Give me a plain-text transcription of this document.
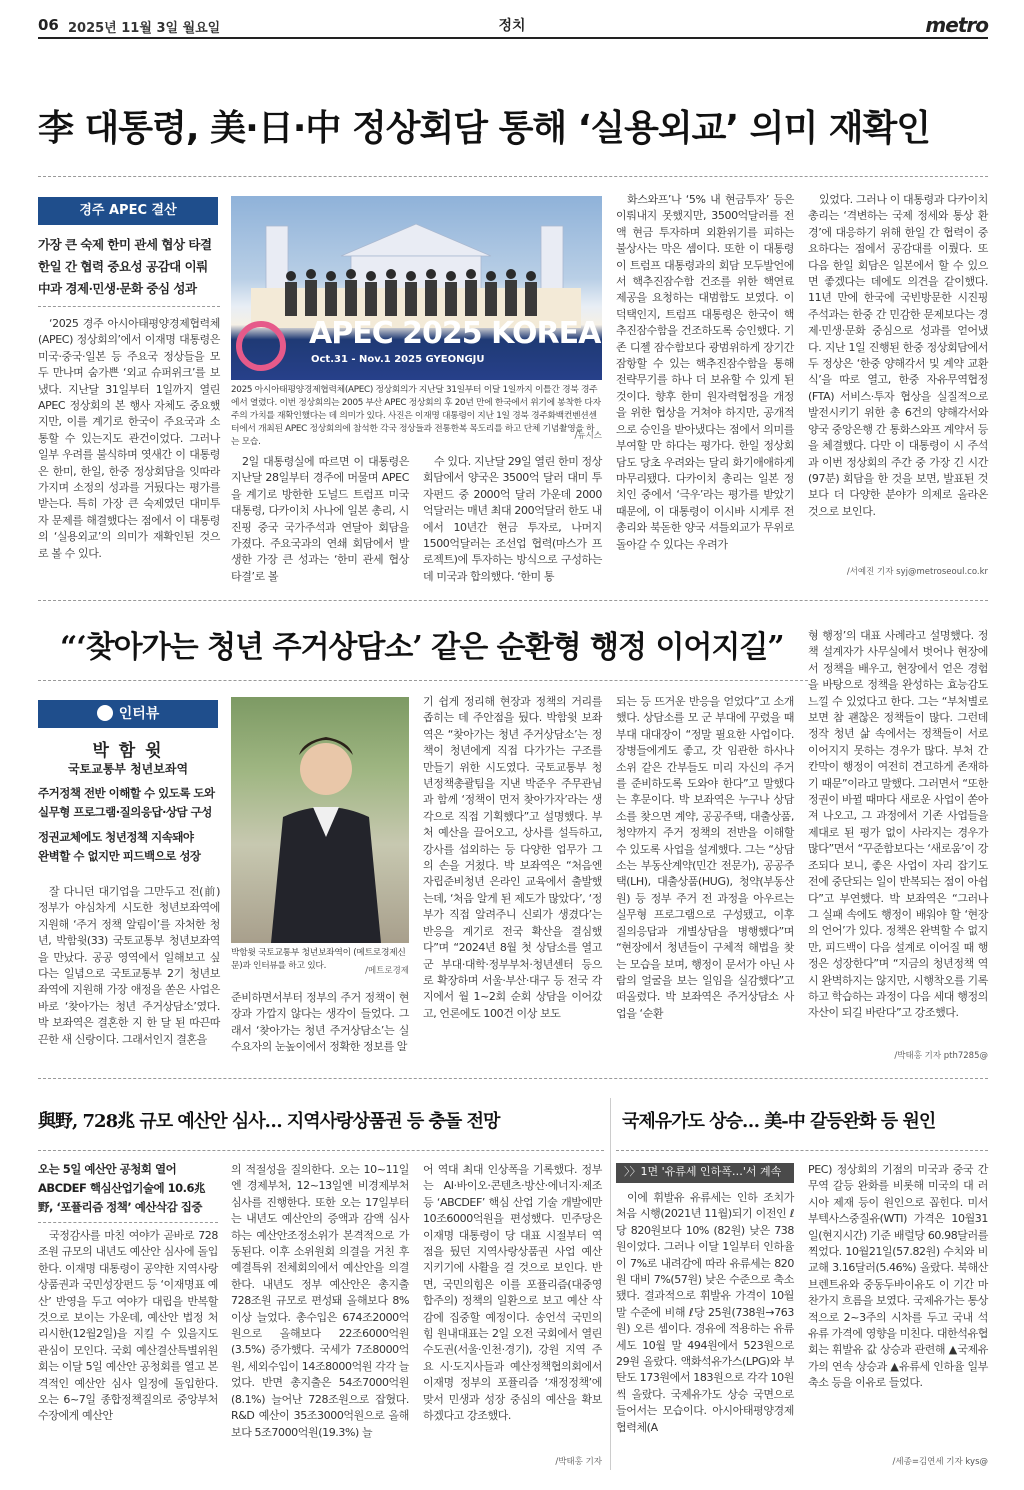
06 2025년 11월 3일 월요일	정치	metro
李 대통령, 美·日·中 정상회담 통해 ‘실용외교’ 의미 재확인
경주 APEC 결산
가장 큰 숙제 한미 관세 협상 타결
한일 간 협력 중요성 공감대 이뤄
中과 경제·민생·문화 중심 성과

‘2025 경주 아시아태평양경제협력체(APEC) 정상회의’에서 이재명 대통령은 미국·중국·일본 등 주요국 정상들을 모두 만나며 숨가쁜 ‘외교 슈퍼위크’를 보냈다. 지난달 31일부터 1일까지 열린 APEC 정상회의 본 행사 자체도 중요했지만, 이를 계기로 한국이 주요국과 소통할 수 있는지도 관건이었다. 그러나 일부 우려를 불식하며 엿새간 이 대통령은 한미, 한일, 한중 정상회담을 잇따라 가지며 소정의 성과를 거뒀다는 평가를 받는다. 특히 가장 큰 숙제였던 대미투자 문제를 해결했다는 점에서 이 대통령의 ‘실용외교’의 의미가 재확인된 것으로 볼 수 있다.

APEC 2025 KOREA
Oct.31 - Nov.1 2025 GYEONGJU
2025 아시아태평양경제협력체(APEC) 정상회의가 지난달 31일부터 이달 1일까지 이틀간 경북 경주에서 열렸다. 이번 정상회의는 2005 부산 APEC 정상회의 후 20년 만에 한국에서 위기에 봉착한 다자주의 가치를 재확인했다는 데 의미가 있다. 사진은 이재명 대통령이 지난 1일 경북 경주화백컨벤션센터에서 개최된 APEC 정상회의에 참석한 각국 정상들과 전통한복 목도리를 하고 단체 기념촬영을 하는 모습.
/뉴시스

2일 대통령실에 따르면 이 대통령은 지난달 28일부터 경주에 머물며 APEC을 계기로 방한한 도널드 트럼프 미국 대통령, 다카이치 사나에 일본 총리, 시진핑 중국 국가주석과 연달아 회담을 가졌다. 주요국과의 연쇄 회담에서 발생한 가장 큰 성과는 ‘한미 관세 협상 타결’로 볼

수 있다. 지난달 29일 열린 한미 정상회담에서 양국은 3500억 달러 대미 투자펀드 중 2000억 달러 가운데 2000억달러는 매년 최대 200억달러 한도 내에서 10년간 현금 투자로, 나머지 1500억달러는 조선업 협력(마스가 프로젝트)에 투자하는 방식으로 구성하는 데 미국과 합의했다. ‘한미 통

화스와프’나 ‘5% 내 현금투자’ 등은 이뤄내지 못했지만, 3500억달러를 전액 현금 투자하며 외환위기를 피하는 불상사는 막은 셈이다. 또한 이 대통령이 트럼프 대통령과의 회담 모두발언에서 핵추진잠수함 건조를 위한 핵연료 제공을 요청하는 대범함도 보였다. 이 덕택인지, 트럼프 대통령은 한국이 핵추진잠수함을 건조하도록 승인했다. 기존 디젤 잠수함보다 광범위하게 장기간 잠항할 수 있는 핵추진잠수함을 통해 전략무기를 하나 더 보유할 수 있게 된 것이다. 향후 한미 원자력협정을 개정을 위한 협상을 거쳐야 하지만, 공개적으로 승인을 받아냈다는 점에서 의미를 부여할 만 하다는 평가다. 한일 정상회담도 당초 우려와는 달리 화기애애하게 마무리됐다. 다카이치 총리는 일본 정치인 중에서 ‘극우’라는 평가를 받았기 때문에, 이 대통령이 이시바 시게루 전 총리와 북돋한 양국 셔틀외교가 무위로 돌아갈 수 있다는 우려가

있었다. 그러나 이 대통령과 다카이치 총리는 ‘격변하는 국제 정세와 통상 환경’에 대응하기 위해 한일 간 협력이 중요하다는 점에서 공감대를 이뤘다. 또 다음 한일 회담은 일본에서 할 수 있으면 좋겠다는 데에도 의견을 같이했다. 11년 만에 한국에 국빈방문한 시진핑 주석과는 한중 간 민감한 문제보다는 경제·민생·문화 중심으로 성과를 얻어냈다. 지난 1일 진행된 한중 정상회담에서 두 정상은 ‘한중 양해각서 및 계약 교환식’을 따로 열고, 한중 자유무역협정(FTA) 서비스·투자 협상을 실질적으로 발전시키기 위한 총 6건의 양해각서와 양국 중앙은행 간 통화스와프 계약서 등을 체결했다. 다만 이 대통령이 시 주석과 이번 정상회의 주간 중 가장 긴 시간(97분) 회담을 한 것을 보면, 발표된 것보다 더 다양한 분야가 의제로 올라온 것으로 보인다.

/서예진 기자 syj@metroseoul.co.kr
“‘찾아가는 청년 주거상담소’ 같은 순환형 행정 이어지길”
인터뷰
박 함 윗
국토교통부 청년보좌역
주거정책 전반 이해할 수 있도록 도와
실무형 프로그램·질의응답·상담 구성
정권교체에도 청년정책 지속돼야
완벽할 수 없지만 피드백으로 성장

잘 다니던 대기업을 그만두고 전(前) 정부가 야심차게 시도한 청년보좌역에 지원해 ‘주거 정책 알림이’를 자처한 청년, 박함윗(33) 국토교통부 청년보좌역을 만났다. 공공 영역에서 일해보고 싶다는 일념으로 국토교통부 2기 청년보좌역에 지원해 가장 애정을 쏟은 사업은 바로 ‘찾아가는 청년 주거상담소’였다. 박 보좌역은 결혼한 지 한 달 된 따끈따끈한 새 신랑이다. 그래서인지 결혼을

박함윗 국토교통부 청년보좌역이 (메트로경제신문)과 인터뷰를 하고 있다.	/메트로경제

준비하면서부터 정부의 주거 정책이 현장과 가깝지 않다는 생각이 들었다. 그래서 ‘찾아가는 청년 주거상담소’는 실수요자의 눈높이에서 정확한 정보를 알

기 쉽게 정리해 현장과 정책의 거리를 좁히는 데 주안점을 뒀다. 박함윗 보좌역은 “찾아가는 청년 주거상담소’는 정책이 청년에게 직접 다가가는 구조를 만들기 위한 시도였다. 국토교통부 청년정책총괄팀을 지낸 박준우 주무관님과 함께 ‘정책이 먼저 찾아가자’라는 생각으로 직접 기획했다”고 설명했다. 부처 예산을 끌어오고, 상사를 설득하고, 강사를 섭외하는 등 다양한 업무가 그의 손을 거쳤다. 박 보좌역은 “처음엔 자립준비청년 은라인 교육에서 출발했는데, ‘처음 알게 된 제도가 많았다’, ‘정부가 직접 알려주니 신뢰가 생겼다’는 반응을 계기로 전국 확산을 결심했다”며 “2024년 8월 첫 상담소를 열고 군 부대·대학·정부부처·청년센터 등으로 확장하며 서울·부산·대구 등 전국 각지에서 월 1~2회 순회 상담을 이어갔고, 언론에도 100건 이상 보도

되는 등 뜨거운 반응을 얻었다”고 소개했다. 상담소를 모 군 부대에 꾸렸을 때 부대 대대장이 “정말 필요한 사업이다. 장병들에게도 좋고, 갓 임관한 하사나 소위 같은 간부들도 미리 자신의 주거를 준비하도록 도와야 한다”고 말했다는 후문이다. 박 보좌역은 누구나 상담소를 찾으면 계약, 공공주택, 대출상품, 청약까지 주거 정책의 전반을 이해할 수 있도록 사업을 설계했다. 그는 “상담소는 부동산계약(민간 전문가), 공공주택(LH), 대출상품(HUG), 청약(부동산원) 등 정부 주거 전 과정을 아우르는 실무형 프로그램으로 구성됐고, 이후 질의응답과 개별상담을 병행했다”며 “현장에서 청년들이 구체적 해법을 찾는 모습을 보며, 행정이 문서가 아닌 사람의 얼굴을 보는 일임을 실감했다”고 떠올렸다. 박 보좌역은 주거상담소 사업을 ‘순환

형 행정’의 대표 사례라고 설명했다. 정책 설계자가 사무실에서 벗어나 현장에서 정책을 배우고, 현장에서 얻은 경험을 바탕으로 정책을 완성하는 효능감도 느낄 수 있었다고 한다. 그는 “부처별로 보면 참 괜찮은 정책들이 많다. 그런데 정작 청년 삶 속에서는 정책들이 서로 이어지지 못하는 경우가 많다. 부처 간 칸막이 행정이 여전히 견고하게 존재하기 때문”이라고 말했다. 그러면서 “또한 정권이 바뀔 때마다 새로운 사업이 쏟아져 나오고, 그 과정에서 기존 사업들을 제대로 된 평가 없이 사라지는 경우가 많다”면서 “꾸준함보다는 ‘새로움’이 강조되다 보니, 좋은 사업이 자리 잡기도 전에 중단되는 일이 반복되는 점이 아쉽다”고 부연했다. 박 보좌역은 “그러나 그 실패 속에도 행정이 배워야 할 ‘현장의 언어’가 있다. 정책은 완벽할 수 없지만, 피드백이 다음 설계로 이어질 때 행정은 성장한다”며 “지금의 청년정책 역시 완벽하지는 않지만, 시행착오를 기록하고 학습하는 과정이 다음 세대 행정의 자산이 되길 바란다”고 강조했다.

/박태홍 기자 pth7285@
與野, 728兆 규모 예산안 심사… 지역사랑상품권 등 충돌 전망
오는 5일 예산안 공청회 열어
ABCDEF 핵심산업기술에 10.6兆
野, ‘포퓰리즘 정책’ 예산삭감 집중

국정감사를 마친 여야가 곧바로 728조원 규모의 내년도 예산안 심사에 돌입한다. 이재명 대통령이 공약한 지역사랑상품권과 국민성장펀드 등 ‘이재명표 예산’ 반영을 두고 여야가 대립을 반복할 것으로 보이는 가운데, 예산안 법정 처리시한(12월2일)을 지킬 수 있을지도 관심이 모인다. 국회 예산결산특별위원회는 이달 5일 예산안 공청회를 열고 본격적인 예산안 심사 일정에 돌입한다. 오는 6~7일 종합정책질의로 중앙부처 수장에게 예산안

의 적절성을 질의한다. 오는 10~11일엔 경제부처, 12~13일엔 비경제부처 심사를 진행한다. 또한 오는 17일부터는 내년도 예산안의 증액과 감액 심사하는 예산안조정소위가 본격적으로 가동된다. 이후 소위원회 의결을 거친 후 예결특위 전체회의에서 예산안을 의결한다. 내년도 정부 예산안은 총지출 728조원 규모로 편성돼 올해보다 8% 이상 늘었다. 총수입은 674조2000억원으로 올해보다 22조6000억원(3.5%) 증가했다. 국세가 7조8000억원, 세외수입이 14조8000억원 각각 늘었다. 반면 총지출은 54조7000억원(8.1%) 늘어난 728조원으로 잡혔다. R&D 예산이 35조3000억원으로 올해보다 5조7000억원(19.3%) 늘

어 역대 최대 인상폭을 기록했다. 정부는 AI·바이오·콘텐츠·방산·에너지·제조 등 ‘ABCDEF’ 핵심 산업 기술 개발에만 10조6000억원을 편성했다. 민주당은 이재명 대통령이 당 대표 시절부터 역점을 뒀던 지역사랑상품권 사업 예산 지키기에 사활을 걸 것으로 보인다. 반면, 국민의힘은 이를 포퓰리즘(대중영합주의) 정책의 일환으로 보고 예산 삭감에 집중할 예정이다. 송언석 국민의힘 원내대표는 2일 오전 국회에서 열린 수도권(서울·인천·경기), 강원 지역 주요 시·도지사들과 예산정책협의회에서 이재명 정부의 포퓰리즘 ‘재정정책’에 맞서 민생과 성장 중심의 예산을 확보하겠다고 강조했다.

/박태홍 기자
국제유가도 상승… 美-中 갈등완화 등 원인
〉〉1면 '유류세 인하폭…'서 계속

이에 휘발유 유류세는 인하 조치가 처음 시행(2021년 11월)되기 이전인 ℓ당 820원보다 10% (82원) 낮은 738원이었다. 그러나 이달 1일부터 인하율이 7%로 내려감에 따라 유류세는 820원 대비 7%(57원) 낮은 수준으로 축소됐다. 결과적으로 휘발유 가격이 10월 말 수준에 비해 ℓ당 25원(738원→763원) 오른 셈이다. 경유에 적용하는 유류세도 10월 말 494원에서 523원으로 29원 올랐다. 액화석유가스(LPG)와 부탄도 173원에서 183원으로 각각 10원씩 올랐다. 국제유가도 상승 국면으로 들어서는 모습이다. 아시아태평양경제협력체(A

PEC) 정상회의 기점의 미국과 중국 간 무역 갈등 완화를 비롯해 미국의 대 러시아 제재 등이 원인으로 꼽힌다. 미서부텍사스중질유(WTI) 가격은 10월31일(현지시간) 기준 배럴당 60.98달러를 찍었다. 10월21일(57.82원) 수치와 비교해 3.16달러(5.46%) 올랐다. 북해산브렌트유와 중동두바이유도 이 기간 마찬가지 흐름을 보였다. 국제유가는 통상적으로 2~3주의 시차를 두고 국내 석유류 가격에 영향을 미친다. 대한석유협회는 휘발유 값 상승과 관련해 ▲국제유가의 연속 상승과 ▲유류세 인하율 일부 축소 등을 이유로 들었다.

/세종=김연세 기자 kys@
